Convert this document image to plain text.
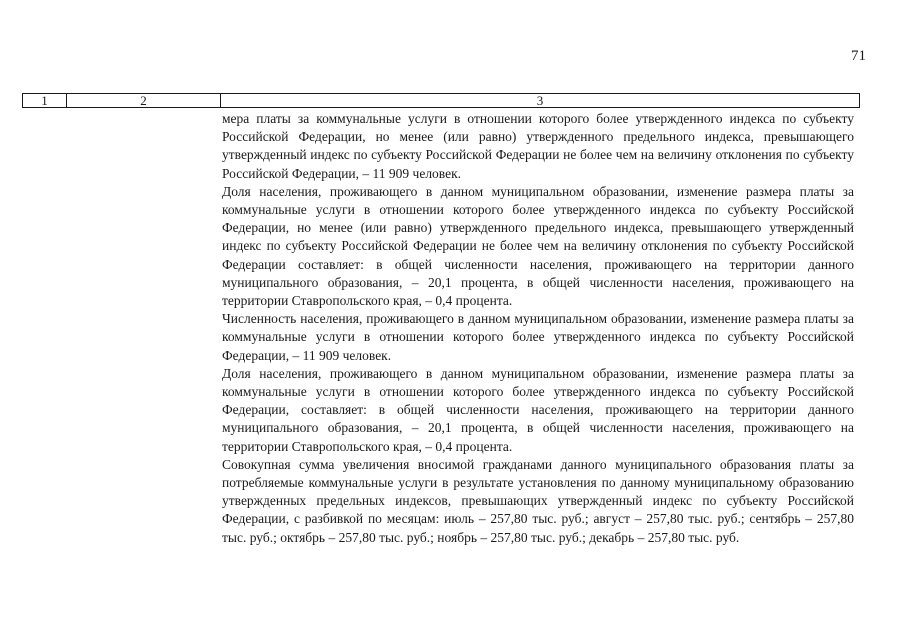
71
1	2	3

мера платы за коммунальные услуги в отношении которого более утвержденного индекса по субъекту Российской Федерации, но менее (или равно) утвержденного предельного индекса, превышающего утвержденный индекс по субъекту Российской Федерации не более чем на величину отклонения по субъекту Российской Федерации, – 11 909 человек.

Доля населения, проживающего в данном муниципальном образовании, изменение размера платы за коммунальные услуги в отношении которого более утвержденного индекса по субъекту Российской Федерации, но менее (или равно) утвержденного предельного индекса, превышающего утвержденный индекс по субъекту Российской Федерации не более чем на величину отклонения по субъекту Российской Федерации составляет: в общей численности населения, проживающего на территории данного муниципального образования, – 20,1 процента, в общей численности населения, проживающего на территории Ставропольского края, – 0,4 процента.

Численность населения, проживающего в данном муниципальном образовании, изменение размера платы за коммунальные услуги в отношении которого более утвержденного индекса по субъекту Российской Федерации, – 11 909 человек.

Доля населения, проживающего в данном муниципальном образовании, изменение размера платы за коммунальные услуги в отношении которого более утвержденного индекса по субъекту Российской Федерации, составляет: в общей численности населения, проживающего на территории данного муниципального образования, – 20,1 процента, в общей численности населения, проживающего на территории Ставропольского края, – 0,4 процента.

Совокупная сумма увеличения вносимой гражданами данного муниципального образования платы за потребляемые коммунальные услуги в результате установления по данному муниципальному образованию утвержденных предельных индексов, превышающих утвержденный индекс по субъекту Российской Федерации, с разбивкой по месяцам: июль – 257,80 тыс. руб.; август – 257,80 тыс. руб.; сентябрь – 257,80 тыс. руб.; октябрь – 257,80 тыс. руб.; ноябрь – 257,80 тыс. руб.; декабрь – 257,80 тыс. руб.
